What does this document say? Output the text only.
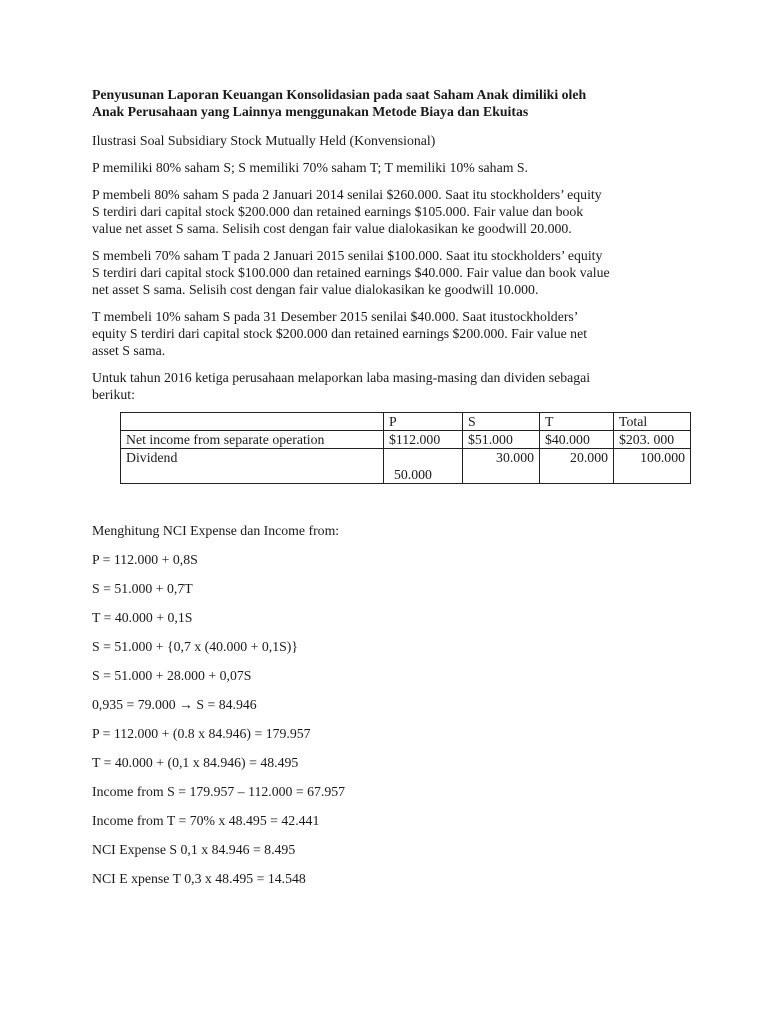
Penyusunan Laporan Keuangan Konsolidasian pada saat Saham Anak dimiliki oleh
Anak Perusahaan yang Lainnya menggunakan Metode Biaya dan Ekuitas

Ilustrasi Soal Subsidiary Stock Mutually Held (Konvensional)

P memiliki 80% saham S; S memiliki 70% saham T; T memiliki 10% saham S.

P membeli 80% saham S pada 2 Januari 2014 senilai $260.000. Saat itu stockholders’ equity
S terdiri dari capital stock $200.000 dan retained earnings $105.000. Fair value dan book
value net asset S sama. Selisih cost dengan fair value dialokasikan ke goodwill 20.000.

S membeli 70% saham T pada 2 Januari 2015 senilai $100.000. Saat itu stockholders’ equity
S terdiri dari capital stock $100.000 dan retained earnings $40.000. Fair value dan book value
net asset S sama. Selisih cost dengan fair value dialokasikan ke goodwill 10.000.

T membeli 10% saham S pada 31 Desember 2015 senilai $40.000. Saat itustockholders’
equity S terdiri dari capital stock $200.000 dan retained earnings $200.000. Fair value net
asset S sama.

Untuk tahun 2016 ketiga perusahaan melaporkan laba masing-masing dan dividen sebagai
berikut:

	P	S	T	Total
Net income from separate operation	$112.000	$51.000	$40.000	$203. 000
Dividend	50.000	30.000	20.000	100.000
Menghitung NCI Expense dan Income from:
P = 112.000 + 0,8S
S = 51.000 + 0,7T
T = 40.000 + 0,1S
S = 51.000 + {0,7 x (40.000 + 0,1S)}
S = 51.000 + 28.000 + 0,07S
0,935 = 79.000 → S = 84.946
P = 112.000 + (0.8 x 84.946) = 179.957
T = 40.000 + (0,1 x 84.946) = 48.495
Income from S = 179.957 – 112.000 = 67.957
Income from T = 70% x 48.495 = 42.441
NCI Expense S 0,1 x 84.946 = 8.495
NCI E xpense T 0,3 x 48.495 = 14.548
